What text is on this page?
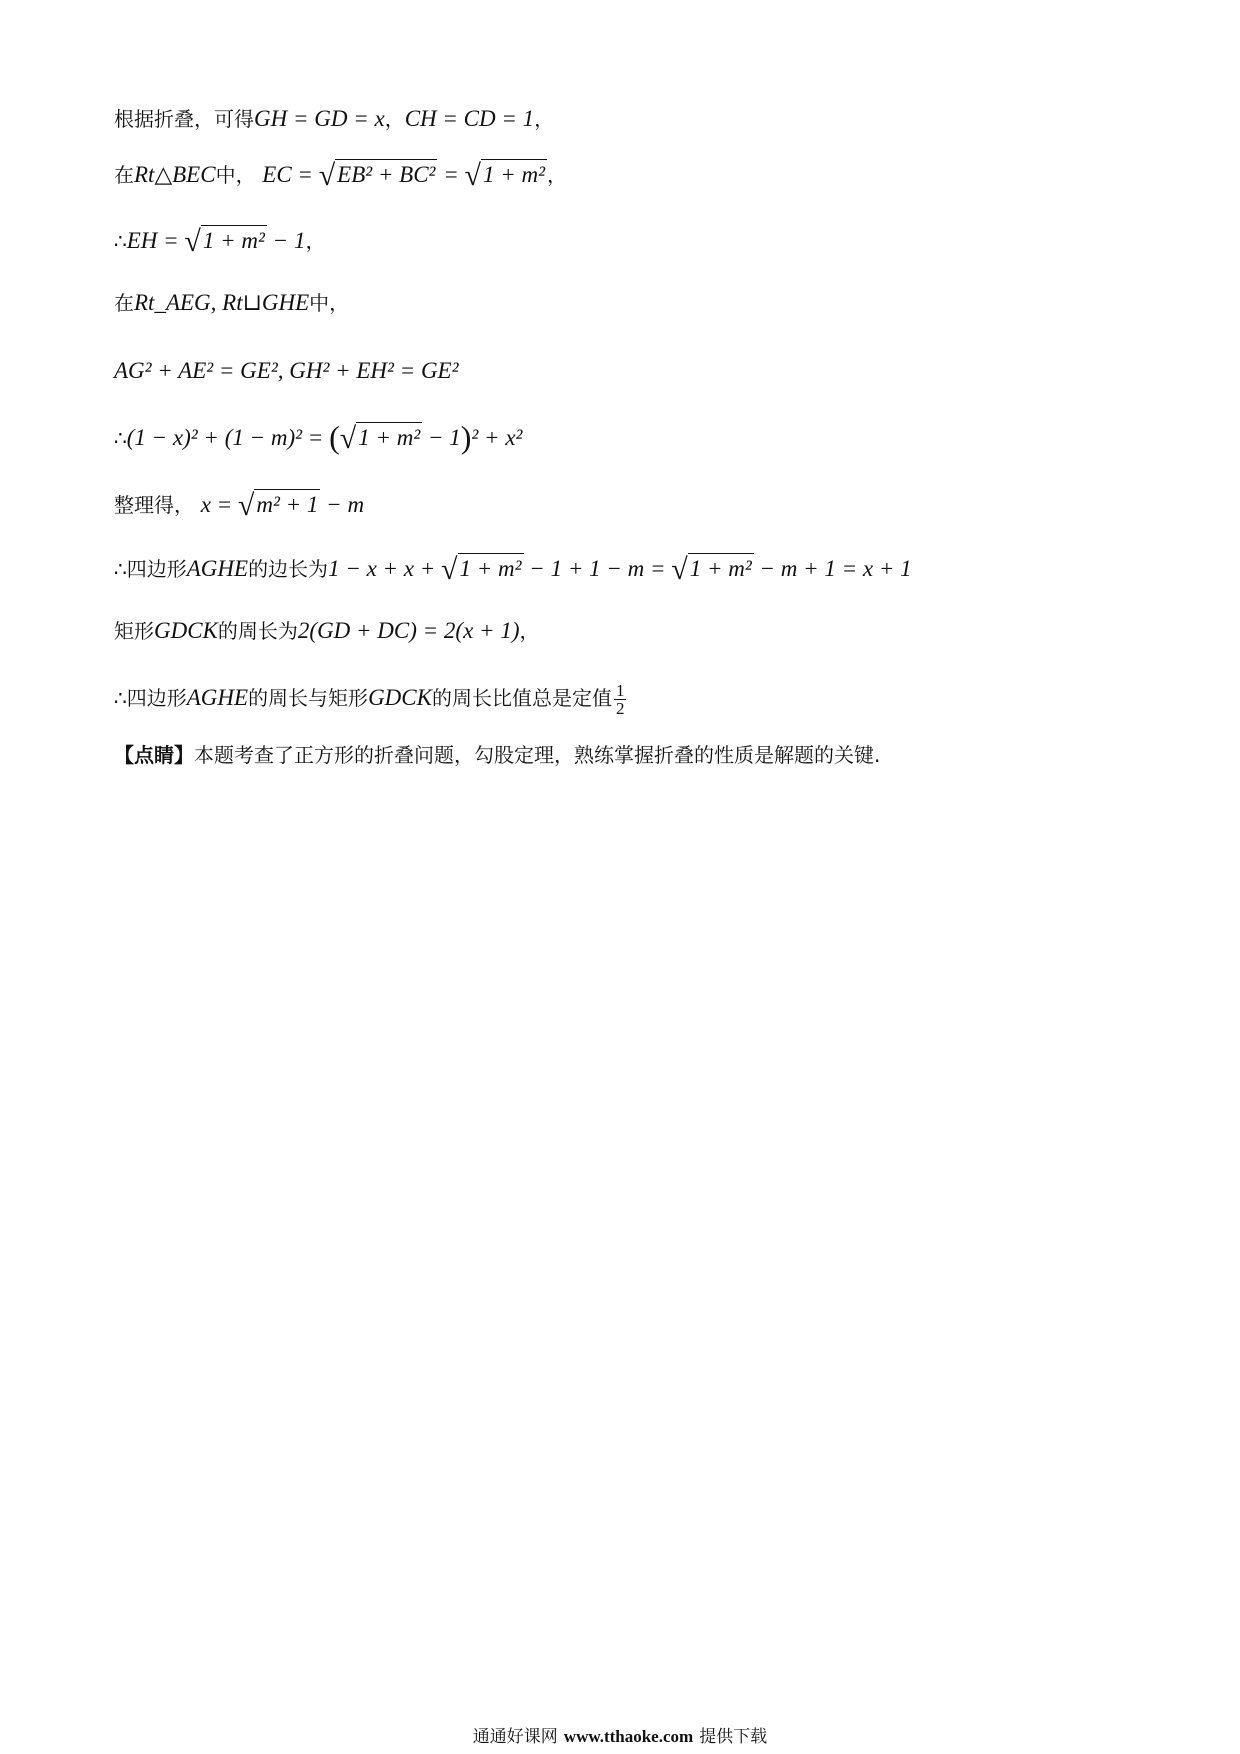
根据折叠，可得GH = GD = x，CH = CD = 1，
在Rt△BEC中， EC = √EB² + BC² = √1 + m² ，
∴EH = √1 + m² − 1，
在Rt_AEG, Rt⊔GHE中，
AG² + AE² = GE², GH² + EH² = GE²
∴(1 − x)² + (1 − m)² = (√1 + m² − 1)² + x²
整理得， x = √m² + 1 − m
∴四边形AGHE的边长为1 − x + x + √1 + m² − 1 + 1 − m = √1 + m² − m + 1 = x + 1
矩形GDCK的周长为2(GD + DC) = 2(x + 1)，
∴四边形AGHE的周长与矩形GDCK的周长比值总是定值 $\frac{1}{2}$
【点睛】本题考查了正方形的折叠问题，勾股定理，熟练掌握折叠的性质是解题的关键.
通通好课网 www.tthaoke.com 提供下载
